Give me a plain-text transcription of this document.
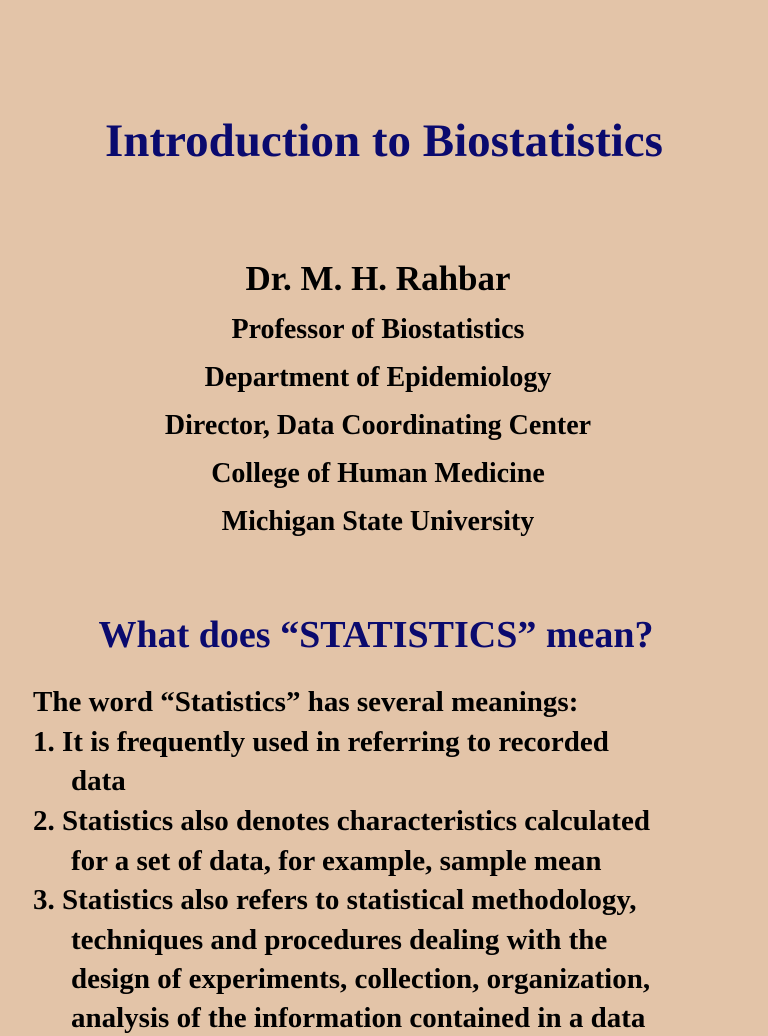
Introduction to Biostatistics
Dr. M. H. Rahbar
Professor of Biostatistics
Department of Epidemiology
Director, Data Coordinating Center
College of Human Medicine
Michigan State University
What does “STATISTICS” mean?
The word “Statistics” has several meanings:
1. It is frequently used in referring to recorded
data
2. Statistics also denotes characteristics calculated
for a set of data, for example, sample mean
3. Statistics also refers to statistical methodology,
techniques and procedures dealing with the
design of experiments, collection, organization,
analysis of the information contained in a data
